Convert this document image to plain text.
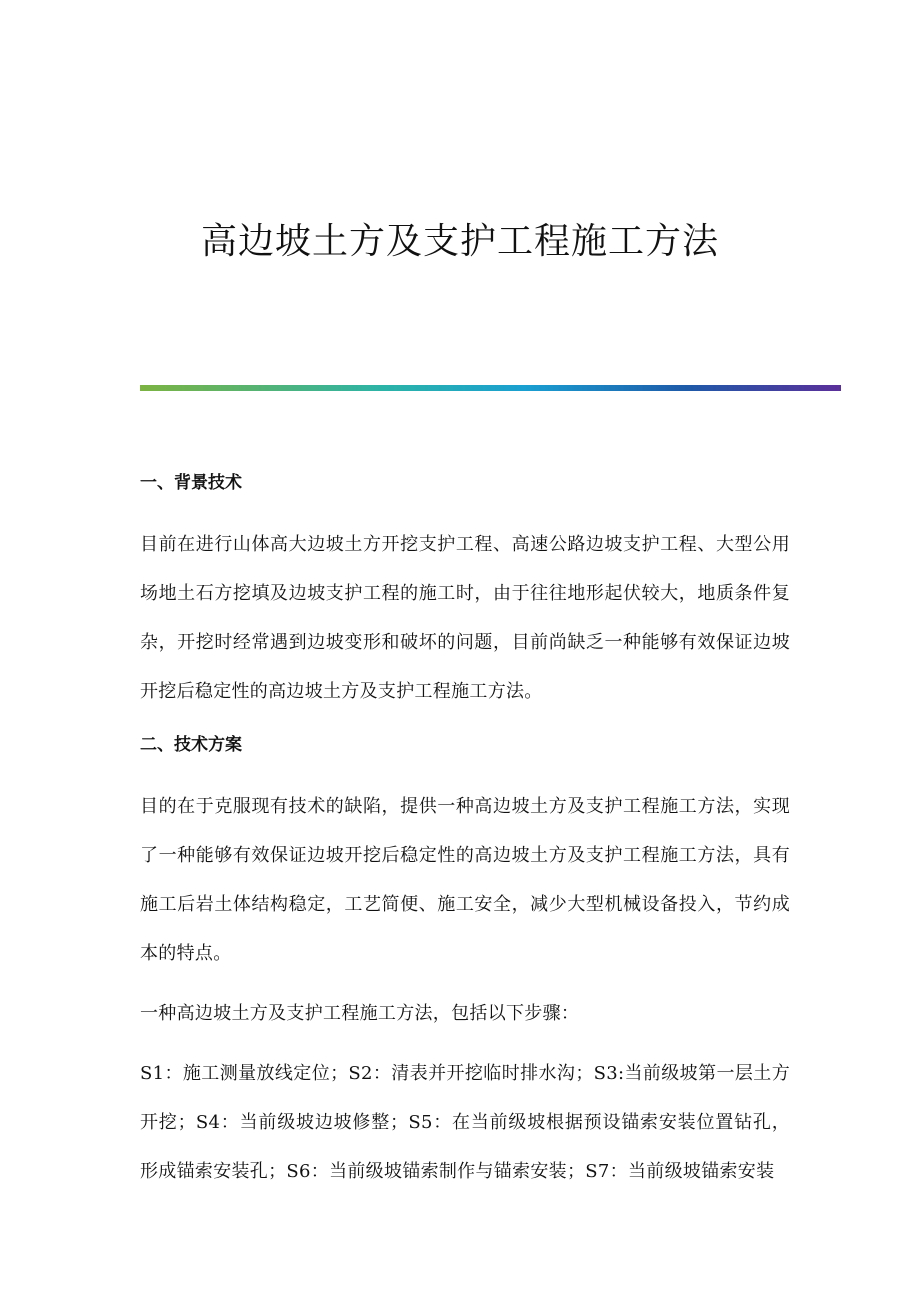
高边坡土方及支护工程施工方法
一、背景技术

目前在进行山体高大边坡土方开挖支护工程、高速公路边坡支护工程、大型公用场地土石方挖填及边坡支护工程的施工时，由于往往地形起伏较大，地质条件复杂，开挖时经常遇到边坡变形和破坏的问题，目前尚缺乏一种能够有效保证边坡开挖后稳定性的高边坡土方及支护工程施工方法。

二、技术方案

目的在于克服现有技术的缺陷，提供一种高边坡土方及支护工程施工方法，实现了一种能够有效保证边坡开挖后稳定性的高边坡土方及支护工程施工方法，具有施工后岩土体结构稳定，工艺简便、施工安全，减少大型机械设备投入，节约成本的特点。

一种高边坡土方及支护工程施工方法，包括以下步骤：

S1：施工测量放线定位；S2：清表并开挖临时排水沟；S3:当前级坡第一层土方开挖；S4：当前级坡边坡修整；S5：在当前级坡根据预设锚索安装位置钻孔，形成锚索安装孔；S6：当前级坡锚索制作与锚索安装；S7：当前级坡锚索安装
